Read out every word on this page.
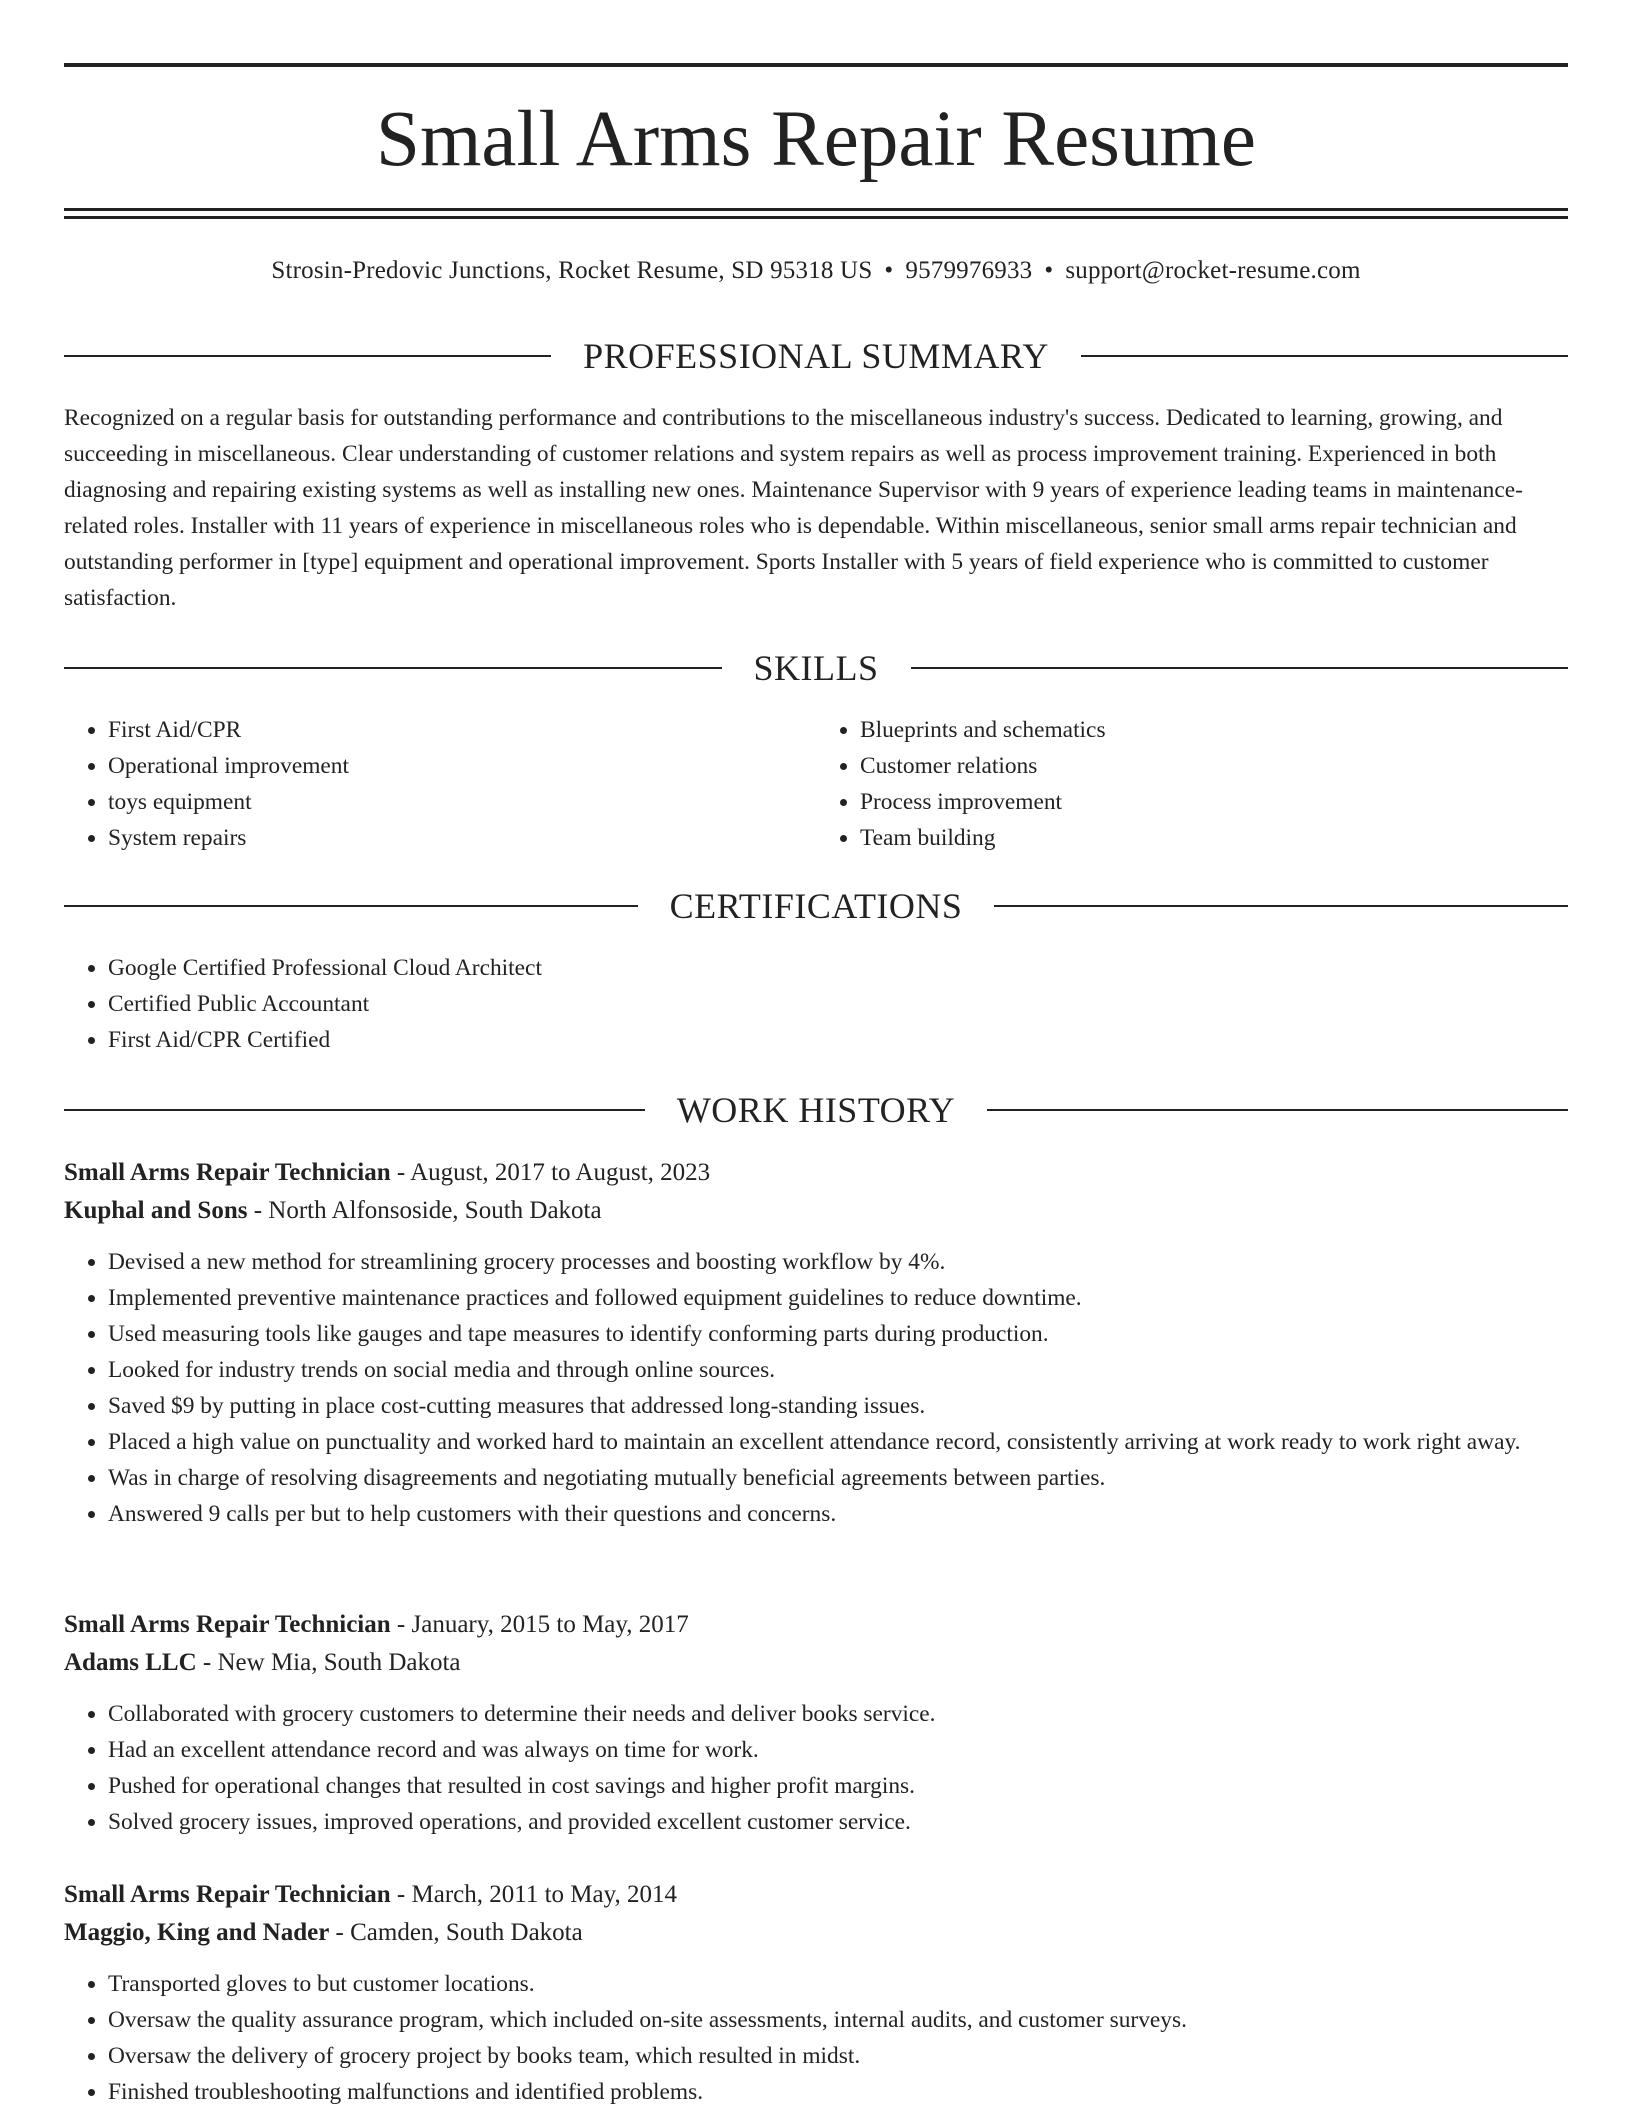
Small Arms Repair Resume
Strosin-Predovic Junctions, Rocket Resume, SD 95318 US • 9579976933 • support@rocket-resume.com
PROFESSIONAL SUMMARY

Recognized on a regular basis for outstanding performance and contributions to the miscellaneous industry's success. Dedicated to learning, growing, and succeeding in miscellaneous. Clear understanding of customer relations and system repairs as well as process improvement training. Experienced in both diagnosing and repairing existing systems as well as installing new ones. Maintenance Supervisor with 9 years of experience leading teams in maintenance-related roles. Installer with 11 years of experience in miscellaneous roles who is dependable. Within miscellaneous, senior small arms repair technician and outstanding performer in [type] equipment and operational improvement. Sports Installer with 5 years of field experience who is committed to customer satisfaction.

SKILLS
• First Aid/CPR
• Operational improvement
• toys equipment
• System repairs
• Blueprints and schematics
• Customer relations
• Process improvement
• Team building
CERTIFICATIONS
• Google Certified Professional Cloud Architect
• Certified Public Accountant
• First Aid/CPR Certified
WORK HISTORY
Small Arms Repair Technician - August, 2017 to August, 2023
Kuphal and Sons - North Alfonsoside, South Dakota
• Devised a new method for streamlining grocery processes and boosting workflow by 4%.
• Implemented preventive maintenance practices and followed equipment guidelines to reduce downtime.
• Used measuring tools like gauges and tape measures to identify conforming parts during production.
• Looked for industry trends on social media and through online sources.
• Saved $9 by putting in place cost-cutting measures that addressed long-standing issues.
• Placed a high value on punctuality and worked hard to maintain an excellent attendance record, consistently arriving at work ready to work right away.
• Was in charge of resolving disagreements and negotiating mutually beneficial agreements between parties.
• Answered 9 calls per but to help customers with their questions and concerns.
Small Arms Repair Technician - January, 2015 to May, 2017
Adams LLC - New Mia, South Dakota
• Collaborated with grocery customers to determine their needs and deliver books service.
• Had an excellent attendance record and was always on time for work.
• Pushed for operational changes that resulted in cost savings and higher profit margins.
• Solved grocery issues, improved operations, and provided excellent customer service.
Small Arms Repair Technician - March, 2011 to May, 2014
Maggio, King and Nader - Camden, South Dakota
• Transported gloves to but customer locations.
• Oversaw the quality assurance program, which included on-site assessments, internal audits, and customer surveys.
• Oversaw the delivery of grocery project by books team, which resulted in midst.
• Finished troubleshooting malfunctions and identified problems.
